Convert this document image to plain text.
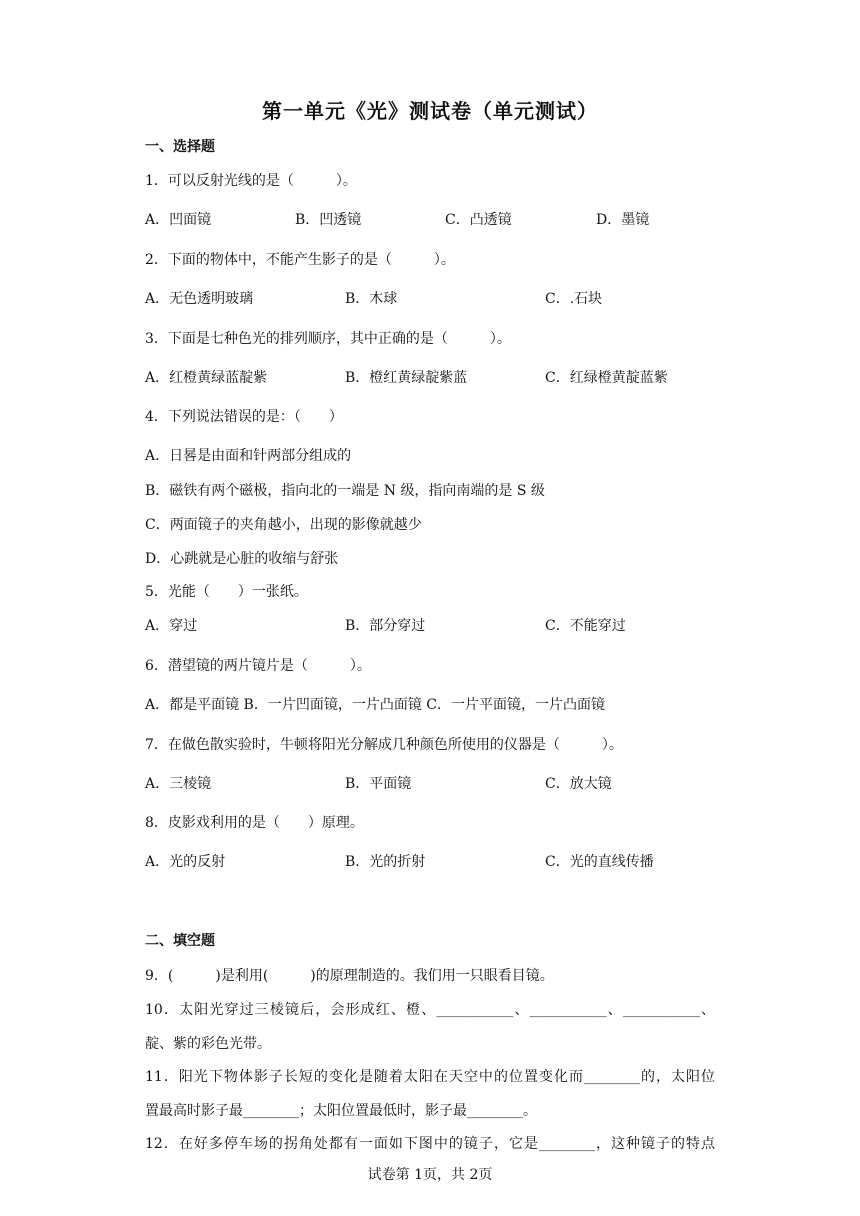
第一单元《光》测试卷（单元测试）
一、选择题
1．可以反射光线的是（　　　）。
A．凹面镜	B．凹透镜	C．凸透镜	D．墨镜
2．下面的物体中，不能产生影子的是（　　　）。
A．无色透明玻璃	B．木球	C．.石块
3．下面是七种色光的排列顺序，其中正确的是（　　　）。
A．红橙黄绿蓝靛紫	B．橙红黄绿靛紫蓝	C．红绿橙黄靛蓝紫
4．下列说法错误的是：（　　）
A．日晷是由面和针两部分组成的
B．磁铁有两个磁极，指向北的一端是 N 级，指向南端的是 S 级
C．两面镜子的夹角越小，出现的影像就越少
D．心跳就是心脏的收缩与舒张
5．光能（　　）一张纸。
A．穿过	B．部分穿过	C．不能穿过
6．潜望镜的两片镜片是（　　　）。
A．都是平面镜 B．一片凹面镜，一片凸面镜 C．一片平面镜，一片凸面镜
7．在做色散实验时，牛顿将阳光分解成几种颜色所使用的仪器是（　　　）。
A．三棱镜	B．平面镜	C．放大镜
8．皮影戏利用的是（　　）原理。
A．光的反射	B．光的折射	C．光的直线传播
二、填空题
9．(　　　)是利用(　　　)的原理制造的。我们用一只眼看目镜。
10．太阳光穿过三棱镜后，会形成红、橙、___________、___________、___________、
靛、紫的彩色光带。
11．阳光下物体影子长短的变化是随着太阳在天空中的位置变化而________的，太阳位
置最高时影子最________；太阳位置最低时，影子最________。
12．在好多停车场的拐角处都有一面如下图中的镜子，它是________，这种镜子的特点
试卷第 1页，共 2页
